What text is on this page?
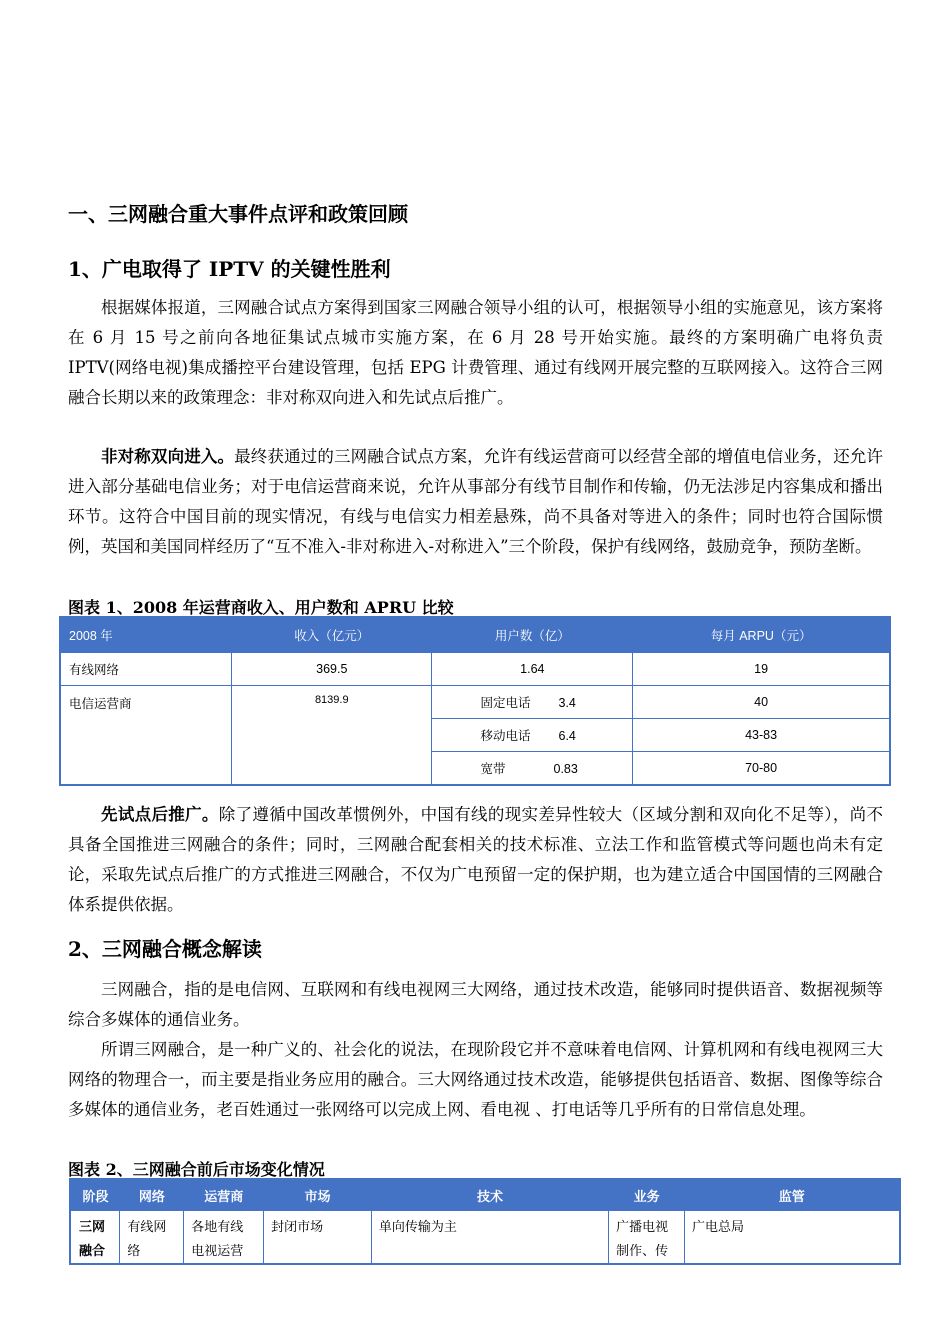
一、三网融合重大事件点评和政策回顾
1、广电取得了 IPTV 的关键性胜利

根据媒体报道，三网融合试点方案得到国家三网融合领导小组的认可，根据领导小组的实施意见，该方案将在 6 月 15 号之前向各地征集试点城市实施方案，在 6 月 28 号开始实施。最终的方案明确广电将负责 IPTV(网络电视)集成播控平台建设管理，包括 EPG 计费管理、通过有线网开展完整的互联网接入。这符合三网融合长期以来的政策理念：非对称双向进入和先试点后推广。

非对称双向进入。最终获通过的三网融合试点方案，允许有线运营商可以经营全部的增值电信业务，还允许进入部分基础电信业务；对于电信运营商来说，允许从事部分有线节目制作和传输，仍无法涉足内容集成和播出环节。这符合中国目前的现实情况，有线与电信实力相差悬殊，尚不具备对等进入的条件；同时也符合国际惯例，英国和美国同样经历了“互不准入-非对称进入-对称进入”三个阶段，保护有线网络，鼓励竞争，预防垄断。

图表 1、2008 年运营商收入、用户数和 APRU 比较
2008 年	收入（亿元）	用户数（亿）	每月 ARPU（元）
有线网络	369.5	1.64	19
电信运营商	8139.9	固定电话 3.4	40
		移动电话 6.4	43-83
		宽带 0.83	70-80

先试点后推广。除了遵循中国改革惯例外，中国有线的现实差异性较大（区域分割和双向化不足等），尚不具备全国推进三网融合的条件；同时，三网融合配套相关的技术标准、立法工作和监管模式等问题也尚未有定论，采取先试点后推广的方式推进三网融合，不仅为广电预留一定的保护期，也为建立适合中国国情的三网融合体系提供依据。

2、三网融合概念解读

三网融合，指的是电信网、互联网和有线电视网三大网络，通过技术改造，能够同时提供语音、数据视频等综合多媒体的通信业务。

所谓三网融合，是一种广义的、社会化的说法，在现阶段它并不意味着电信网、计算机网和有线电视网三大网络的物理合一，而主要是指业务应用的融合。三大网络通过技术改造，能够提供包括语音、数据、图像等综合多媒体的通信业务，老百姓通过一张网络可以完成上网、看电视 、打电话等几乎所有的日常信息处理。

图表 2、三网融合前后市场变化情况
阶段	网络	运营商	市场	技术	业务	监管

三网融合	有线网络	各地有线电视运营	封闭市场	单向传输为主	广播电视制作、传	广电总局
